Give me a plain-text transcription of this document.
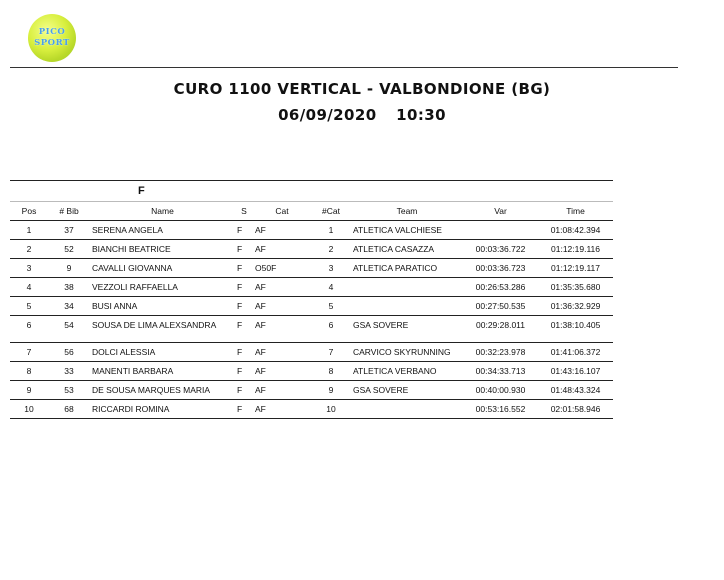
PICO
SPORT
CURO 1100 VERTICAL - VALBONDIONE (BG)
06/09/2020 10:30
F								
Pos	# Bib	Name	S	Cat	#Cat	Team	Var	Time
1	37	SERENA ANGELA	F	AF	1	ATLETICA VALCHIESE		01:08:42.394
2	52	BIANCHI BEATRICE	F	AF	2	ATLETICA CASAZZA	00:03:36.722	01:12:19.116
3	9	CAVALLI GIOVANNA	F	O50F	3	ATLETICA PARATICO	00:03:36.723	01:12:19.117
4	38	VEZZOLI RAFFAELLA	F	AF	4		00:26:53.286	01:35:35.680
5	34	BUSI ANNA	F	AF	5		00:27:50.535	01:36:32.929
6	54	SOUSA DE LIMA ALEXSANDRA	F	AF	6	GSA SOVERE	00:29:28.011	01:38:10.405
7	56	DOLCI ALESSIA	F	AF	7	CARVICO SKYRUNNING	00:32:23.978	01:41:06.372
8	33	MANENTI BARBARA	F	AF	8	ATLETICA VERBANO	00:34:33.713	01:43:16.107
9	53	DE SOUSA MARQUES MARIA	F	AF	9	GSA SOVERE	00:40:00.930	01:48:43.324
10	68	RICCARDI ROMINA	F	AF	10		00:53:16.552	02:01:58.946
